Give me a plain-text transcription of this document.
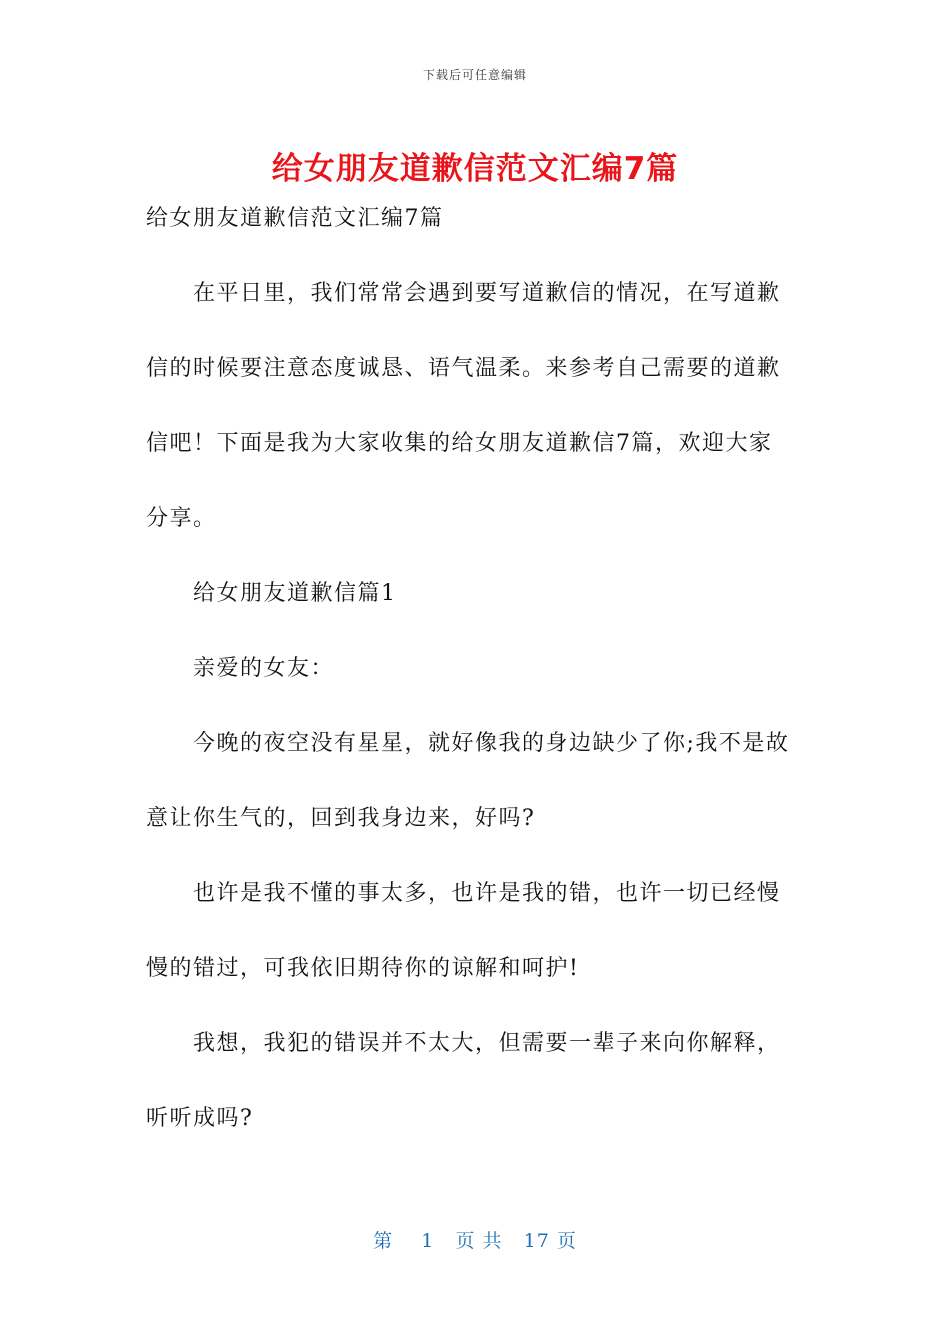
下载后可任意编辑
给女朋友道歉信范文汇编7篇
给女朋友道歉信范文汇编7篇
在平日里，我们常常会遇到要写道歉信的情况，在写道歉
信的时候要注意态度诚恳、语气温柔。来参考自己需要的道歉
信吧！下面是我为大家收集的给女朋友道歉信7篇，欢迎大家
分享。
给女朋友道歉信篇1
亲爱的女友：
今晚的夜空没有星星，就好像我的身边缺少了你;我不是故
意让你生气的，回到我身边来，好吗?
也许是我不懂的事太多，也许是我的错，也许一切已经慢
慢的错过，可我依旧期待你的谅解和呵护!
我想，我犯的错误并不太大，但需要一辈子来向你解释，
听听成吗?
第 1 页 共 17 页
